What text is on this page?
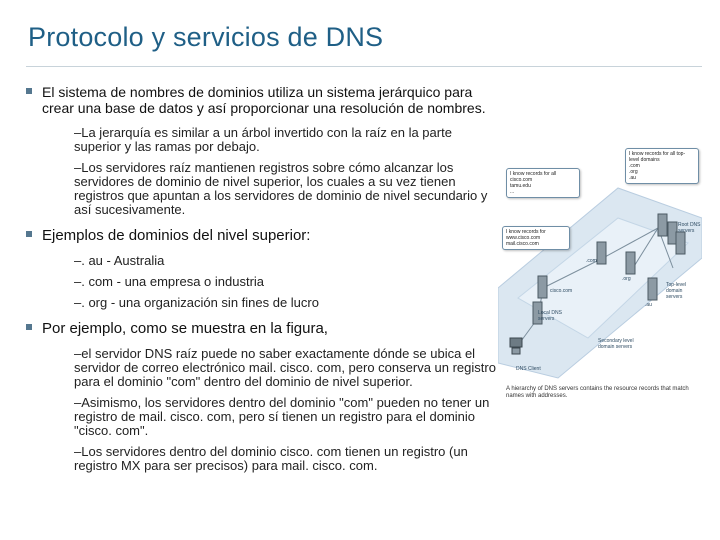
Protocolo y servicios de DNS
El sistema de nombres de dominios utiliza un sistema jerárquico para crear una base de datos y así proporcionar una resolución de nombres.
–La jerarquía es similar a un árbol invertido con la raíz en la parte superior y las ramas por debajo.
–Los servidores raíz mantienen registros sobre cómo alcanzar los servidores de dominio de nivel superior, los cuales a su vez tienen registros que apuntan a los servidores de dominio de nivel secundario y así sucesivamente.
Ejemplos de dominios del nivel superior:
–. au - Australia
–. com - una empresa o industria
–. org - una organización sin fines de lucro
Por ejemplo, como se muestra en la figura,
–el servidor DNS raíz puede no saber exactamente dónde se ubica el servidor de correo electrónico mail. cisco. com, pero conserva un registro para el dominio "com" dentro del dominio de nivel superior.
–Asimismo, los servidores dentro del dominio "com" pueden no tener un registro de mail. cisco. com, pero sí tienen un registro para el dominio "cisco. com".
–Los servidores dentro del dominio cisco. com tienen un registro (un registro MX para ser precisos) para mail. cisco. com.
I know records for all top-level domains
.com
.org
.au
I know records for all
cisco.com
tamu.edu
...
I know records for
www.cisco.com
mail.cisco.com
Root DNS servers
.com
.org
.au
cisco.com
Local DNS servers
DNS Client
Top-level domain servers
Secondary level domain servers
A hierarchy of DNS servers contains the resource records that match names with addresses.
